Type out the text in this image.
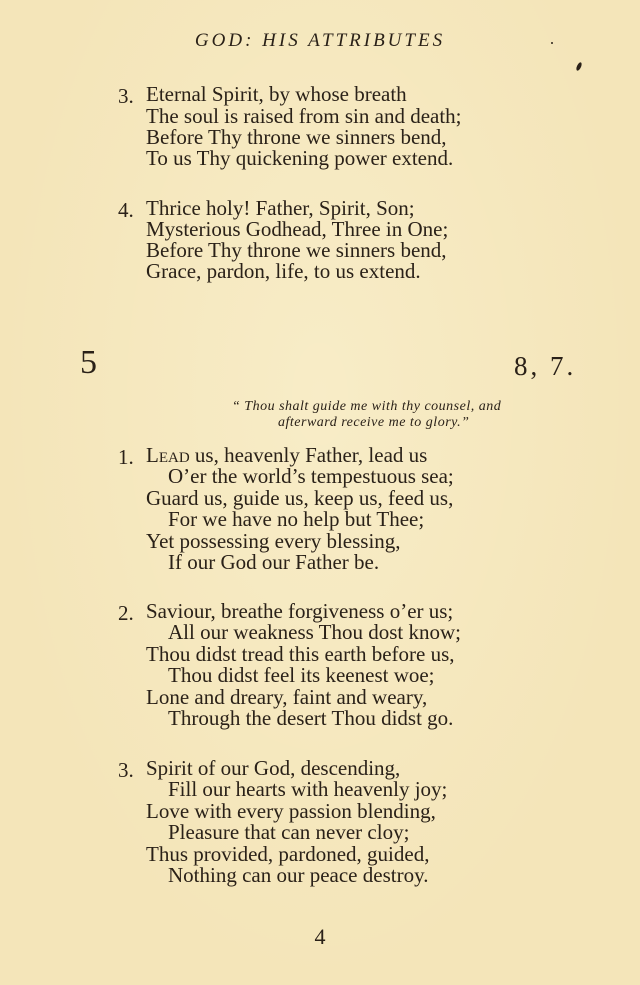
GOD: HIS ATTRIBUTES
3. Eternal Spirit, by whose breath
The soul is raised from sin and death;
Before Thy throne we sinners bend,
To us Thy quickening power extend.
4. Thrice holy! Father, Spirit, Son;
Mysterious Godhead, Three in One;
Before Thy throne we sinners bend,
Grace, pardon, life, to us extend.
5	8, 7.
“ Thou shalt guide me with thy counsel, and
afterward receive me to glory.”
1. Lead us, heavenly Father, lead us
O’er the world’s tempestuous sea;
Guard us, guide us, keep us, feed us,
For we have no help but Thee;
Yet possessing every blessing,
If our God our Father be.
2. Saviour, breathe forgiveness o’er us;
All our weakness Thou dost know;
Thou didst tread this earth before us,
Thou didst feel its keenest woe;
Lone and dreary, faint and weary,
Through the desert Thou didst go.
3. Spirit of our God, descending,
Fill our hearts with heavenly joy;
Love with every passion blending,
Pleasure that can never cloy;
Thus provided, pardoned, guided,
Nothing can our peace destroy.
4
